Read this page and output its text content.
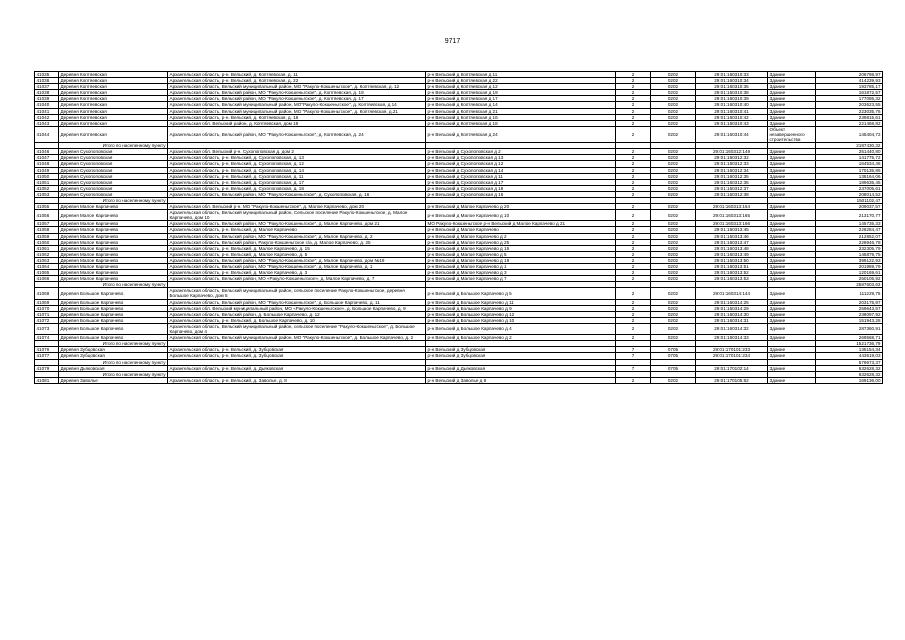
9717
41035	Деревня Коптяевская	Архангельская область, р-н. Вельский, д. Коптяевская, д. 11	р-н Вельский д Коптяевская д 11	2	0202	29:01:160310:33	Здание	208798,97
41036	Деревня Коптяевская	Архангельская область, р-н. Вельский, д. Коптяевская, д. 22	р-н Вельский д Коптяевская д 22	2	0202	29:01:160310:34	Здание	414239,93
41037	Деревня Коптяевская	Архангельская область, Вельский муниципальный район, МО "Ракуло-Кокшеньгское", д. Коптяевская, д. 12	р-н Вельский д Коптяевская д 12	2	0202	29:01:160310:35	Здание	193785,17
41038	Деревня Коптяевская	Архангельская область, Вельский район, МО "Ракуло-Кокшеньгское", д. Коптяевская, д. 19	р-н Вельский д Коптяевская д 19	2	0202	29:01:160310:38	Здание	161872,57
41039	Деревня Коптяевская	Архангельская область, Вельский район, МО "Ракуло-Кокшеньгское", д. Коптяевская, д. 17	р-н Вельский д Коптяевская д 17	2	0202	29:01:160310:39	Здание	177095,32
41040	Деревня Коптяевская	Архангельская область, Вельский муниципальный район, МО"Ракуло-Кокшеньгское", д. Коптяевская, д.14	р-н Вельский д Коптяевская д 14	2	0202	29:01:160310:40	Здание	203623,55
41041	Деревня Коптяевская	Архангельская область, Вельский муниципальный район, МО "Ракуло-Кокшеньгское", д. Коптяевская, д.21	р-н Вельский д Коптяевская д 21	2	0202	29:01:160310:41	Здание	223035,76
41042	Деревня Коптяевская	Архангельская область, р-н. Вельский, д. Коптяевская, д. 16	р-н Вельский д Коптяевская д 16	2	0202	29:01:160310:42	Здание	239815,61
41043	Деревня Коптяевская	Архангельская обл. Вельский район, д. Коптяевская, дом 18	р-н Вельский д Коптяевская д 18	2	0202	29:01:160310:43	Здание	221468,82
41044	Деревня Коптяевская	Архангельская область, Вельский район, МО "Ракуло-Кокшеньгское", д. Коптяевская, д. 24	р-н Вельский д Коптяевская д 24	2	0202	29:01:160310:44	Объект незавершенного строительства	145404,72
	Итого по населенному пункту							2187430,32
41046	Деревня Сухопоповская	Архангельская обл. Вельский р-н. Сухопоповская д. дом 2	р-н Вельский д Сухопоповская д 2	2	0202	29:01:160312:149	Здание	251440,80
41047	Деревня Сухопоповская	Архангельская область, р-н. Вельский, д. Сухопоповская, д. 13	р-н Вельский д Сухопоповская д 13	2	0202	29:01:160312:32	Здание	141775,72
41048	Деревня Сухопоповская	Архангельская область, р-н. Вельский, д. Сухопоповская, д. 12	р-н Вельский д Сухопоповская д 12	2	0202	29:01:160312:33	Здание	164534,46
41049	Деревня Сухопоповская	Архангельская область, р-н. Вельский, д. Сухопоповская, д. 14	р-н Вельский д Сухопоповская д 14	2	0202	29:01:160312:34	Здание	170135,86
41050	Деревня Сухопоповская	Архангельская область, р-н. Вельский, д. Сухопоповская, д. 11	р-н Вельский д Сухопоповская д 11	2	0202	29:01:160312:35	Здание	138164,06
41051	Деревня Сухопоповская	Архангельская область, р-н. Вельский, д. Сухопоповская, д. 17	р-н Вельский д Сухопоповская д 17	2	0202	29:01:160312:36	Здание	189635,45
41052	Деревня Сухопоповская	Архангельская область, р-н. Вельский, д. Сухопоповская, д. 18	р-н Вельский д Сухопоповская д 18	2	0202	29:01:160312:37	Здание	237005,61
41053	Деревня Сухопоповская	Архангельская область, Вельский район, МО "Ракуло-Кокшеньгское", д. Сухопоповская, д. 16	р-н Вельский д Сухопоповская д 16	2	0202	29:01:160312:38	Здание	208014,52
	Итого по населенному пункту							1501102,47
41055	Деревня Малое Карпачево	Архангельская обл. Вельский р-н. МО "Ракуло-Кокшеньгское", д. Малое Карпачево, дом 20	р-н Вельский д Малое Карпачево д 20	2	0202	29:01:160313:164	Здание	209037,57
41056	Деревня Малое Карпачево	Архангельская область, Вельский муниципальный район, Сельское поселение Ракуло-Кокшеньгское, д. Малое Карпачево, дом 10	р-н Вельский д Малое Карпачево д 10	2	0202	29:01:160313:165	Здание	213170,77
41057	Деревня Малое Карпачево	Архангельская область, Вельский район, МО "Ракуло-Кокшеньгское", д. Малое Карпачево, дом 21	МО Ракуло-Кокшеньгское р-н Вельский д Малое Карпачево д 21	2	0202	29:01:160313:166	Здание	145735,33
41058	Деревня Малое Карпачево	Архангельская область, р-н. Вельский, д. Малое Карпачево	р-н Вельский д Малое Карпачево	2	0202	29:01:160313:45	Здание	228284,47
41059	Деревня Малое Карпачево	Архангельская область, Вельский район, МО "Ракуло-Кокшеньгское", д. Малое Карпачево, д. 2	р-н Вельский д Малое Карпачево д 2	2	0202	29:01:160313:46	Здание	212852,07
41060	Деревня Малое Карпачево	Архангельская область, Вельский район, Ракуло-Кокшеньгское с/а, д. Малое Карпачево, д. 25	р-н Вельский д Малое Карпачево д 25	2	0202	29:01:160313:47	Здание	228946,78
41061	Деревня Малое Карпачево	Архангельская область, р-н. Вельский, д. Малое Карпачево, д. 15	р-н Вельский д Малое Карпачево д 15	2	0202	29:01:160313:48	Здание	232305,79
41062	Деревня Малое Карпачево	Архангельская область, р-н. Вельский, д. Малое Карпачево, д. 5	р-н Вельский д Малое Карпачево д 5	2	0202	29:01:160313:49	Здание	145879,75
41063	Деревня Малое Карпачево	Архангельская область, Вельский район, МО "Ракуло-Кокшеньгское", д. Малое Карпачево, дом №19	р-н Вельский д Малое Карпачево д 19	2	0202	29:01:160313:50	Здание	399122,93
41064	Деревня Малое Карпачево	Архангельская область, Вельский район, МО "Ракуло-Кокшеньгское", д. Малое Карпачево, д. 1	р-н Вельский д Малое Карпачево д 1	2	0202	29:01:160313:51	Здание	201989,79
41065	Деревня Малое Карпачево	Архангельская область, р-н. Вельский, д. Малое Карпачево, д. 3	р-н Вельский д Малое Карпачево д 3	2	0202	29:01:160313:52	Здание	120169,61
41066	Деревня Малое Карпачево	Архангельская область, Вельский район, МО «Ракуло-Кокшеньгское», д. Малое Карпачево, д. 7	р-н Вельский д Малое Карпачево д 7	2	0202	29:01:160313:53	Здание	250105,92
	Итого по населенному пункту							2587603,63
41068	Деревня Большое Карпачево	Архангельская область, Вельский муниципальный район, сельское поселение Ракуло-Кокшеньгское, деревня Большое Карпачево, дом 5	р-н Вельский д Большое Карпачево д 5	2	0202	29:01:160314:144	Здание	111229,75
41069	Деревня Большое Карпачево	Архангельская область, Вельский район, МО "Ракуло-Кокшеньгское", д. Большое Карпачево, д. 11	р-н Вельский д Большое Карпачево д 11	2	0202	29:01:160314:25	Здание	203175,97
41070	Деревня Большое Карпачево	Архангельская обл. Вельский муниципальный район, МО «Ракуло-Кокшеньгское», д. Большое Карпачево, д. 9	р-н Вельский д Большое Карпачево д 9	2	0202	29:01:160314:29	Здание	259643,57
41071	Деревня Большое Карпачево	Архангельская область, Вельский район, д. Большое Карпачево, д. 12	р-н Вельский д Большое Карпачево д 12	2	0202	29:01:160314:30	Здание	238097,92
41072	Деревня Большое Карпачево	Архангельская область, р-н. Вельский, д. Большое Карпачево, д. 10	р-н Вельский д Большое Карпачево д 10	2	0202	29:01:160314:31	Здание	151943,28
41073	Деревня Большое Карпачево	Архангельская область, Вельский муниципальный район, сельское поселение "Ракуло-Кокшеньгское", д. Большое Карпачево, дом 4	р-н Вельский д Большое Карпачево д 4	2	0202	29:01:160314:32	Здание	287360,91
41074	Деревня Большое Карпачево	Архангельская область, Вельский муниципальный район, МО "Ракуло-Кокшеньгское", д. Большое Карпачево, д. 2	р-н Вельский д Большое Карпачево д 2	2	0202	29:01:160314:33	Здание	269568,71
	Итого по населенному пункту							1521736,79
41076	Деревня Зубцовская	Архангельская область, р-н. Вельский, д. Зубцовская	р-н Вельский д Зубцовская	7	0705	29:01:170101:233	Здание	135154,34
41077	Деревня Зубцовская	Архангельская область, р-н. Вельский, д. Зубцовская	р-н Вельский д Зубцовская	7	0705	29:01:170101:234	Здание	443519,03
	Итого по населенному пункту							579673,37
41079	Деревня Дьяковская	Архангельская область, р-н. Вельский, д. Дьяковская	р-н Вельский д Дьяковская	7	0705	29:01:170102:14	Здание	632628,32
	Итого по населенному пункту							632628,32
41081	Деревня Заволье	Архангельская область, р-н. Вельский, д. Заволье, д. 8	р-н Вельский д Заволье д 8	2	0202	29:01:170105:62	Здание	169136,00
